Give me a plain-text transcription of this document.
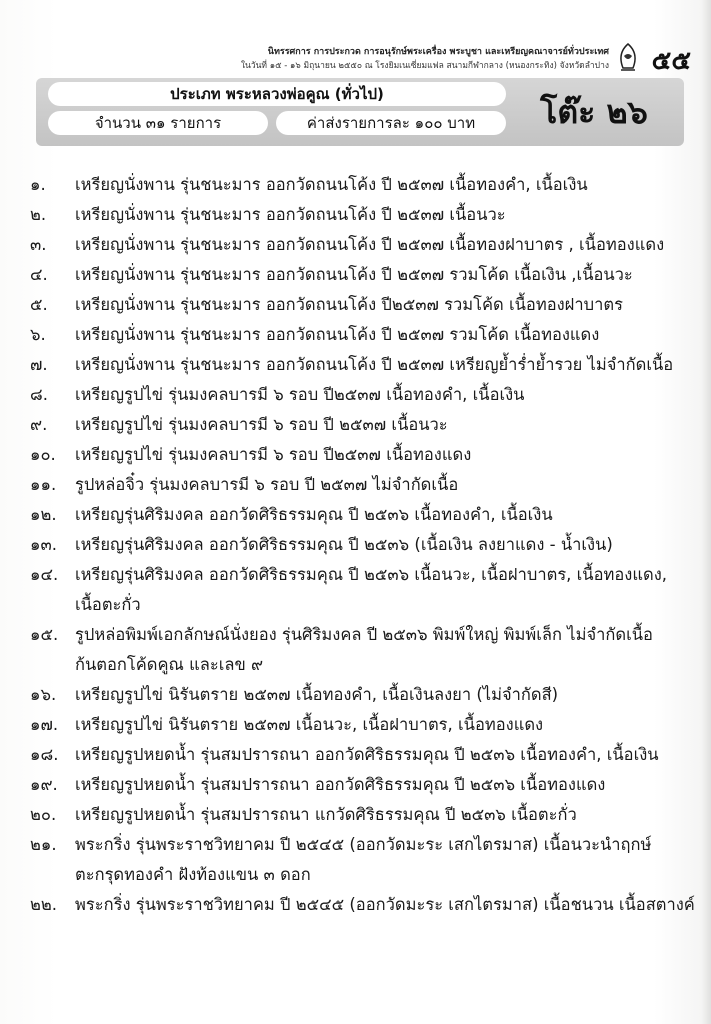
นิทรรศการ การประกวด การอนุรักษ์พระเครื่อง พระบูชา และเหรียญคณาจารย์ทั่วประเทศ
ในวันที่ ๑๕ - ๑๖ มิถุนายน ๒๕๕๐ ณ โรงยิมเนเซี่ยมแฟล สนามกีฬากลาง (หนองกระทิง) จังหวัดลำปาง ๕๕
ประเภท พระหลวงพ่อคูณ (ทั่วไป)
จำนวน ๓๑ รายการ	ค่าส่งรายการละ ๑๐๐ บาท	โต๊ะ ๒๖
๑.	เหรียญนั่งพาน รุ่นชนะมาร ออกวัดถนนโค้ง ปี ๒๕๓๗ เนื้อทองคำ, เนื้อเงิน
๒.	เหรียญนั่งพาน รุ่นชนะมาร ออกวัดถนนโค้ง ปี ๒๕๓๗ เนื้อนวะ
๓.	เหรียญนั่งพาน รุ่นชนะมาร ออกวัดถนนโค้ง ปี ๒๕๓๗ เนื้อทองฝาบาตร , เนื้อทองแดง
๔.	เหรียญนั่งพาน รุ่นชนะมาร ออกวัดถนนโค้ง ปี ๒๕๓๗ รวมโค้ด เนื้อเงิน ,เนื้อนวะ
๕.	เหรียญนั่งพาน รุ่นชนะมาร ออกวัดถนนโค้ง ปี๒๕๓๗ รวมโค้ด เนื้อทองฝาบาตร
๖.	เหรียญนั่งพาน รุ่นชนะมาร ออกวัดถนนโค้ง ปี ๒๕๓๗ รวมโค้ด เนื้อทองแดง
๗.	เหรียญนั่งพาน รุ่นชนะมาร ออกวัดถนนโค้ง ปี ๒๕๓๗ เหรียญย้ำร่ำย้ำรวย ไม่จำกัดเนื้อ
๘.	เหรียญรูปไข่ รุ่นมงคลบารมี ๖ รอบ ปี๒๕๓๗ เนื้อทองคำ, เนื้อเงิน
๙.	เหรียญรูปไข่ รุ่นมงคลบารมี ๖ รอบ ปี ๒๕๓๗ เนื้อนวะ
๑๐.	เหรียญรูปไข่ รุ่นมงคลบารมี ๖ รอบ ปี๒๕๓๗ เนื้อทองแดง
๑๑.	รูปหล่อจิ๋ว รุ่นมงคลบารมี ๖ รอบ ปี ๒๕๓๗ ไม่จำกัดเนื้อ
๑๒.	เหรียญรุ่นศิริมงคล ออกวัดศิริธรรมคุณ ปี ๒๕๓๖ เนื้อทองคำ, เนื้อเงิน
๑๓.	เหรียญรุ่นศิริมงคล ออกวัดศิริธรรมคุณ ปี ๒๕๓๖ (เนื้อเงิน ลงยาแดง - น้ำเงิน)
๑๔.	เหรียญรุ่นศิริมงคล ออกวัดศิริธรรมคุณ ปี ๒๕๓๖ เนื้อนวะ, เนื้อฝาบาตร, เนื้อทองแดง,
เนื้อตะกั่ว
๑๕.	รูปหล่อพิมพ์เอกลักษณ์นั่งยอง รุ่นศิริมงคล ปี ๒๕๓๖ พิมพ์ใหญ่ พิมพ์เล็ก ไม่จำกัดเนื้อ
ก้นตอกโค้ดคูณ และเลข ๙
๑๖.	เหรียญรูปไข่ นิรันตราย ๒๕๓๗ เนื้อทองคำ, เนื้อเงินลงยา (ไม่จำกัดสี)
๑๗.	เหรียญรูปไข่ นิรันตราย ๒๕๓๗ เนื้อนวะ, เนื้อฝาบาตร, เนื้อทองแดง
๑๘.	เหรียญรูปหยดน้ำ รุ่นสมปรารถนา ออกวัดศิริธรรมคุณ ปี ๒๕๓๖ เนื้อทองคำ, เนื้อเงิน
๑๙.	เหรียญรูปหยดน้ำ รุ่นสมปรารถนา ออกวัดศิริธรรมคุณ ปี ๒๕๓๖ เนื้อทองแดง
๒๐.	เหรียญรูปหยดน้ำ รุ่นสมปรารถนา แกวัดศิริธรรมคุณ ปี ๒๕๓๖ เนื้อตะกั่ว
๒๑.	พระกริ่ง รุ่นพระราชวิทยาคม ปี ๒๕๔๕ (ออกวัดมะระ เสกไตรมาส) เนื้อนวะนำฤกษ์
ตะกรุดทองคำ ฝังท้องแขน ๓ ดอก
๒๒.	พระกริ่ง รุ่นพระราชวิทยาคม ปี ๒๕๔๕ (ออกวัดมะระ เสกไตรมาส) เนื้อชนวน เนื้อสตางค์
